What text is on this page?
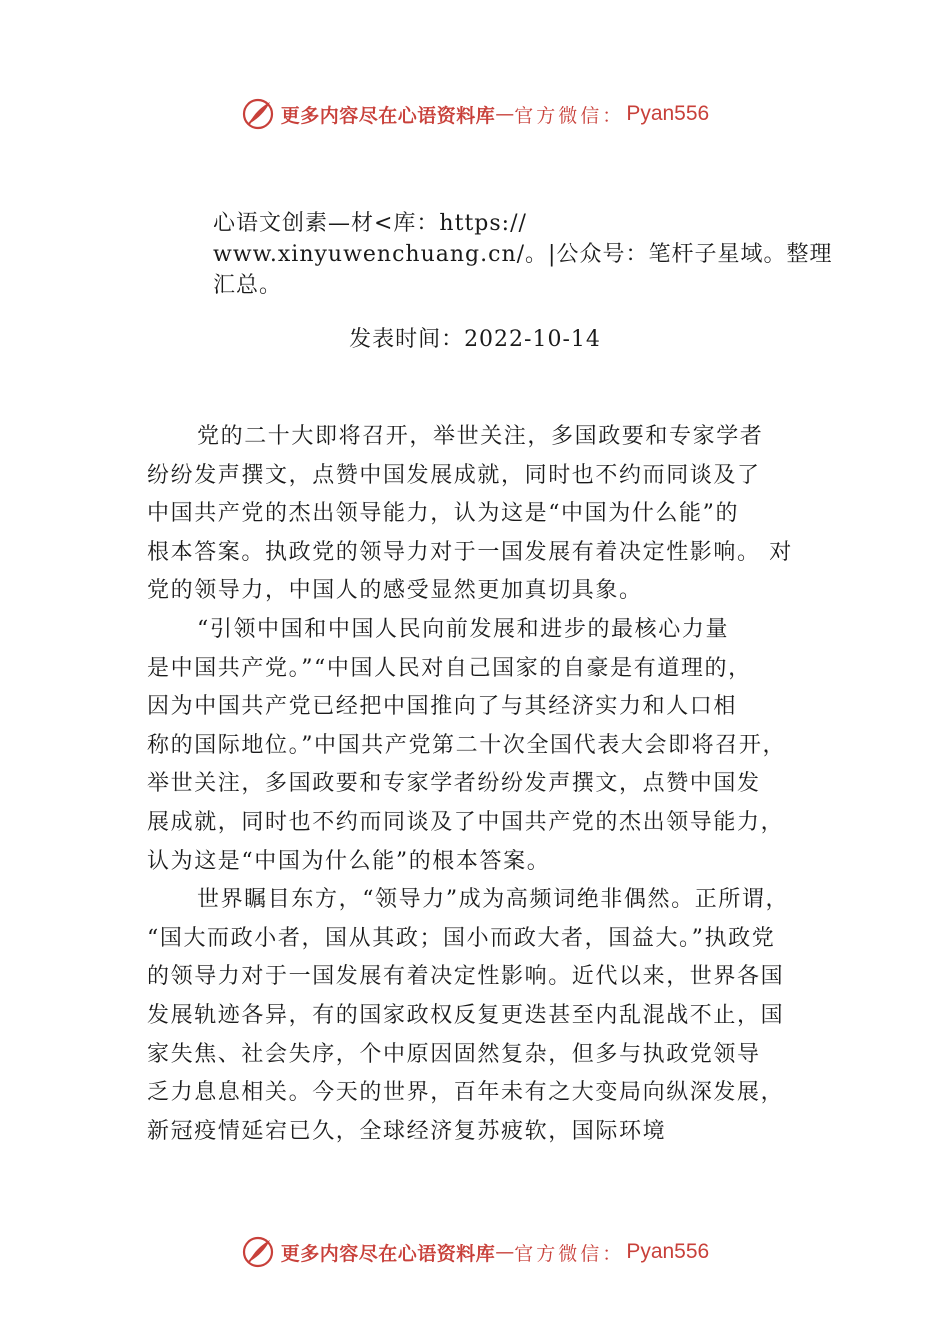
更多内容尽在心语资料库 — 官方微信： Pyan556
心语文创素—材<库：https://
www.xinyuwenchuang.cn/。|公众号：笔杆子星域。整理
汇总。
发表时间：2022-10-14
党的二十大即将召开，举世关注，多国政要和专家学者
纷纷发声撰文，点赞中国发展成就，同时也不约而同谈及了
中国共产党的杰出领导能力，认为这是“中国为什么能”的
根本答案。执政党的领导力对于一国发展有着决定性影响。 对
党的领导力，中国人的感受显然更加真切具象。
“引领中国和中国人民向前发展和进步的最核心力量
是中国共产党。”“中国人民对自己国家的自豪是有道理的，
因为中国共产党已经把中国推向了与其经济实力和人口相
称的国际地位。”中国共产党第二十次全国代表大会即将召开，
举世关注，多国政要和专家学者纷纷发声撰文，点赞中国发
展成就，同时也不约而同谈及了中国共产党的杰出领导能力，
认为这是“中国为什么能”的根本答案。
世界瞩目东方，“领导力”成为高频词绝非偶然。正所谓，
“国大而政小者，国从其政；国小而政大者，国益大。”执政党
的领导力对于一国发展有着决定性影响。近代以来，世界各国
发展轨迹各异，有的国家政权反复更迭甚至内乱混战不止，国
家失焦、社会失序，个中原因固然复杂，但多与执政党领导
乏力息息相关。今天的世界，百年未有之大变局向纵深发展，
新冠疫情延宕已久，全球经济复苏疲软，国际环境
更多内容尽在心语资料库 — 官方微信： Pyan556
